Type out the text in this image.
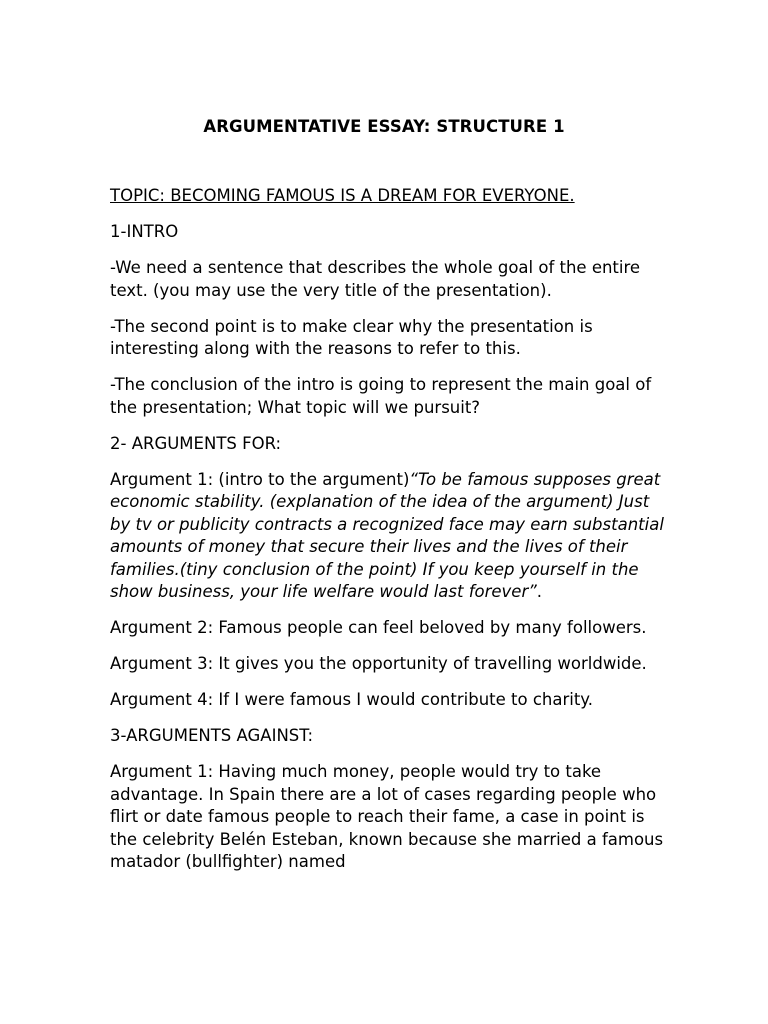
ARGUMENTATIVE ESSAY: STRUCTURE 1

TOPIC: BECOMING FAMOUS IS A DREAM FOR EVERYONE.

1-INTRO

-We need a sentence that describes the whole goal of the entire text. (you may use the very title of the presentation).

-The second point is to make clear why the presentation is interesting along with the reasons to refer to this.

-The conclusion of the intro is going to represent the main goal of the presentation; What topic will we pursuit?

2- ARGUMENTS FOR:

Argument 1: (intro to the argument)“To be famous supposes great economic stability. (explanation of the idea of the argument) Just by tv or publicity contracts a recognized face may earn substantial amounts of money that secure their lives and the lives of their families.(tiny conclusion of the point) If you keep yourself in the show business, your life welfare would last forever”.

Argument 2: Famous people can feel beloved by many followers.

Argument 3: It gives you the opportunity of travelling worldwide.

Argument 4: If I were famous I would contribute to charity.

3-ARGUMENTS AGAINST:

Argument 1: Having much money, people would try to take advantage. In Spain there are a lot of cases regarding people who flirt or date famous people to reach their fame, a case in point is the celebrity Belén Esteban, known because she married a famous matador (bullfighter) named
